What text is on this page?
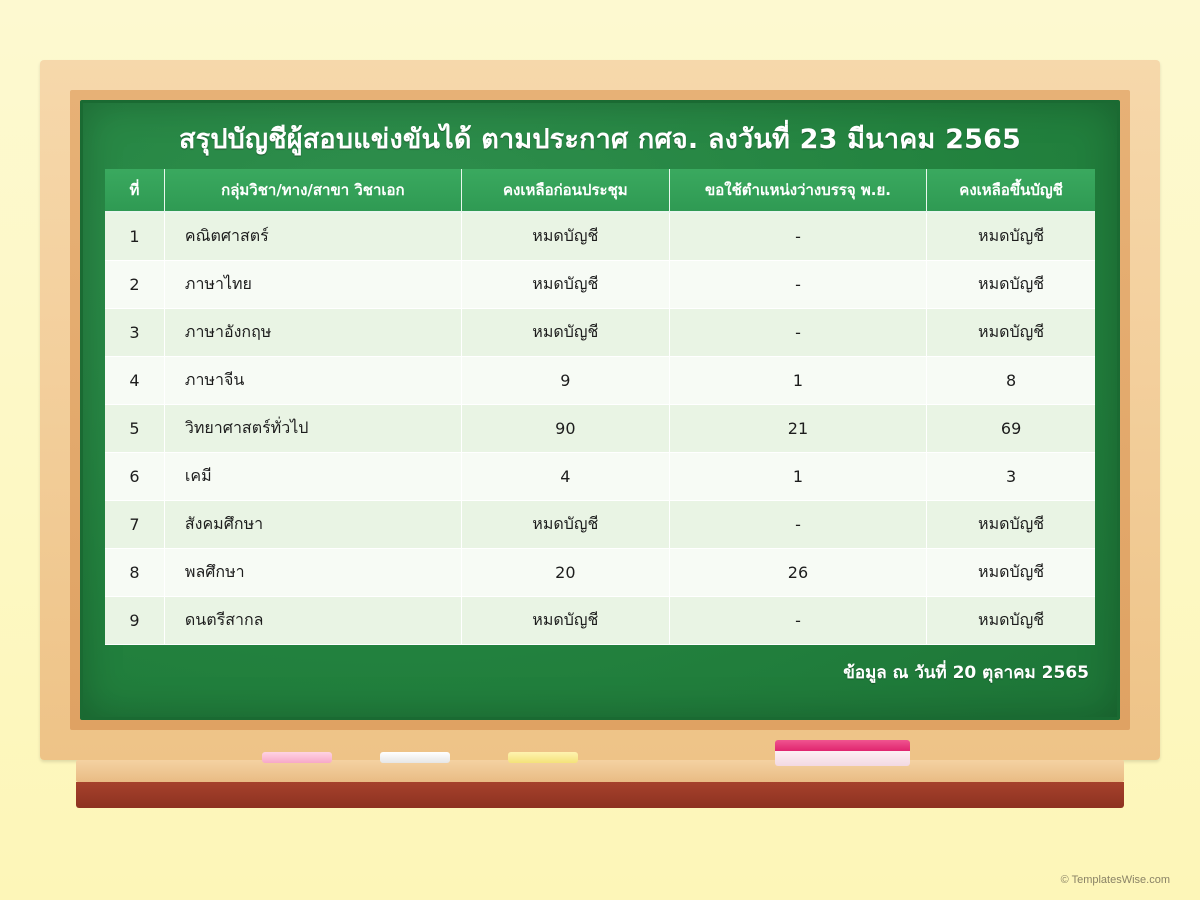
สรุปบัญชีผู้สอบแข่งขันได้ ตามประกาศ กศจ. ลงวันที่ 23 มีนาคม 2565
ที่	กลุ่มวิชา/ทาง/สาขา วิชาเอก	คงเหลือก่อนประชุม	ขอใช้ตำแหน่งว่างบรรจุ พ.ย.	คงเหลือขึ้นบัญชี
1	คณิตศาสตร์	หมดบัญชี	-	หมดบัญชี
2	ภาษาไทย	หมดบัญชี	-	หมดบัญชี
3	ภาษาอังกฤษ	หมดบัญชี	-	หมดบัญชี
4	ภาษาจีน	9	1	8
5	วิทยาศาสตร์ทั่วไป	90	21	69
6	เคมี	4	1	3
7	สังคมศึกษา	หมดบัญชี	-	หมดบัญชี
8	พลศึกษา	20	26	หมดบัญชี
9	ดนตรีสากล	หมดบัญชี	-	หมดบัญชี
ข้อมูล ณ วันที่ 20 ตุลาคม 2565
© TemplatesWise.com
